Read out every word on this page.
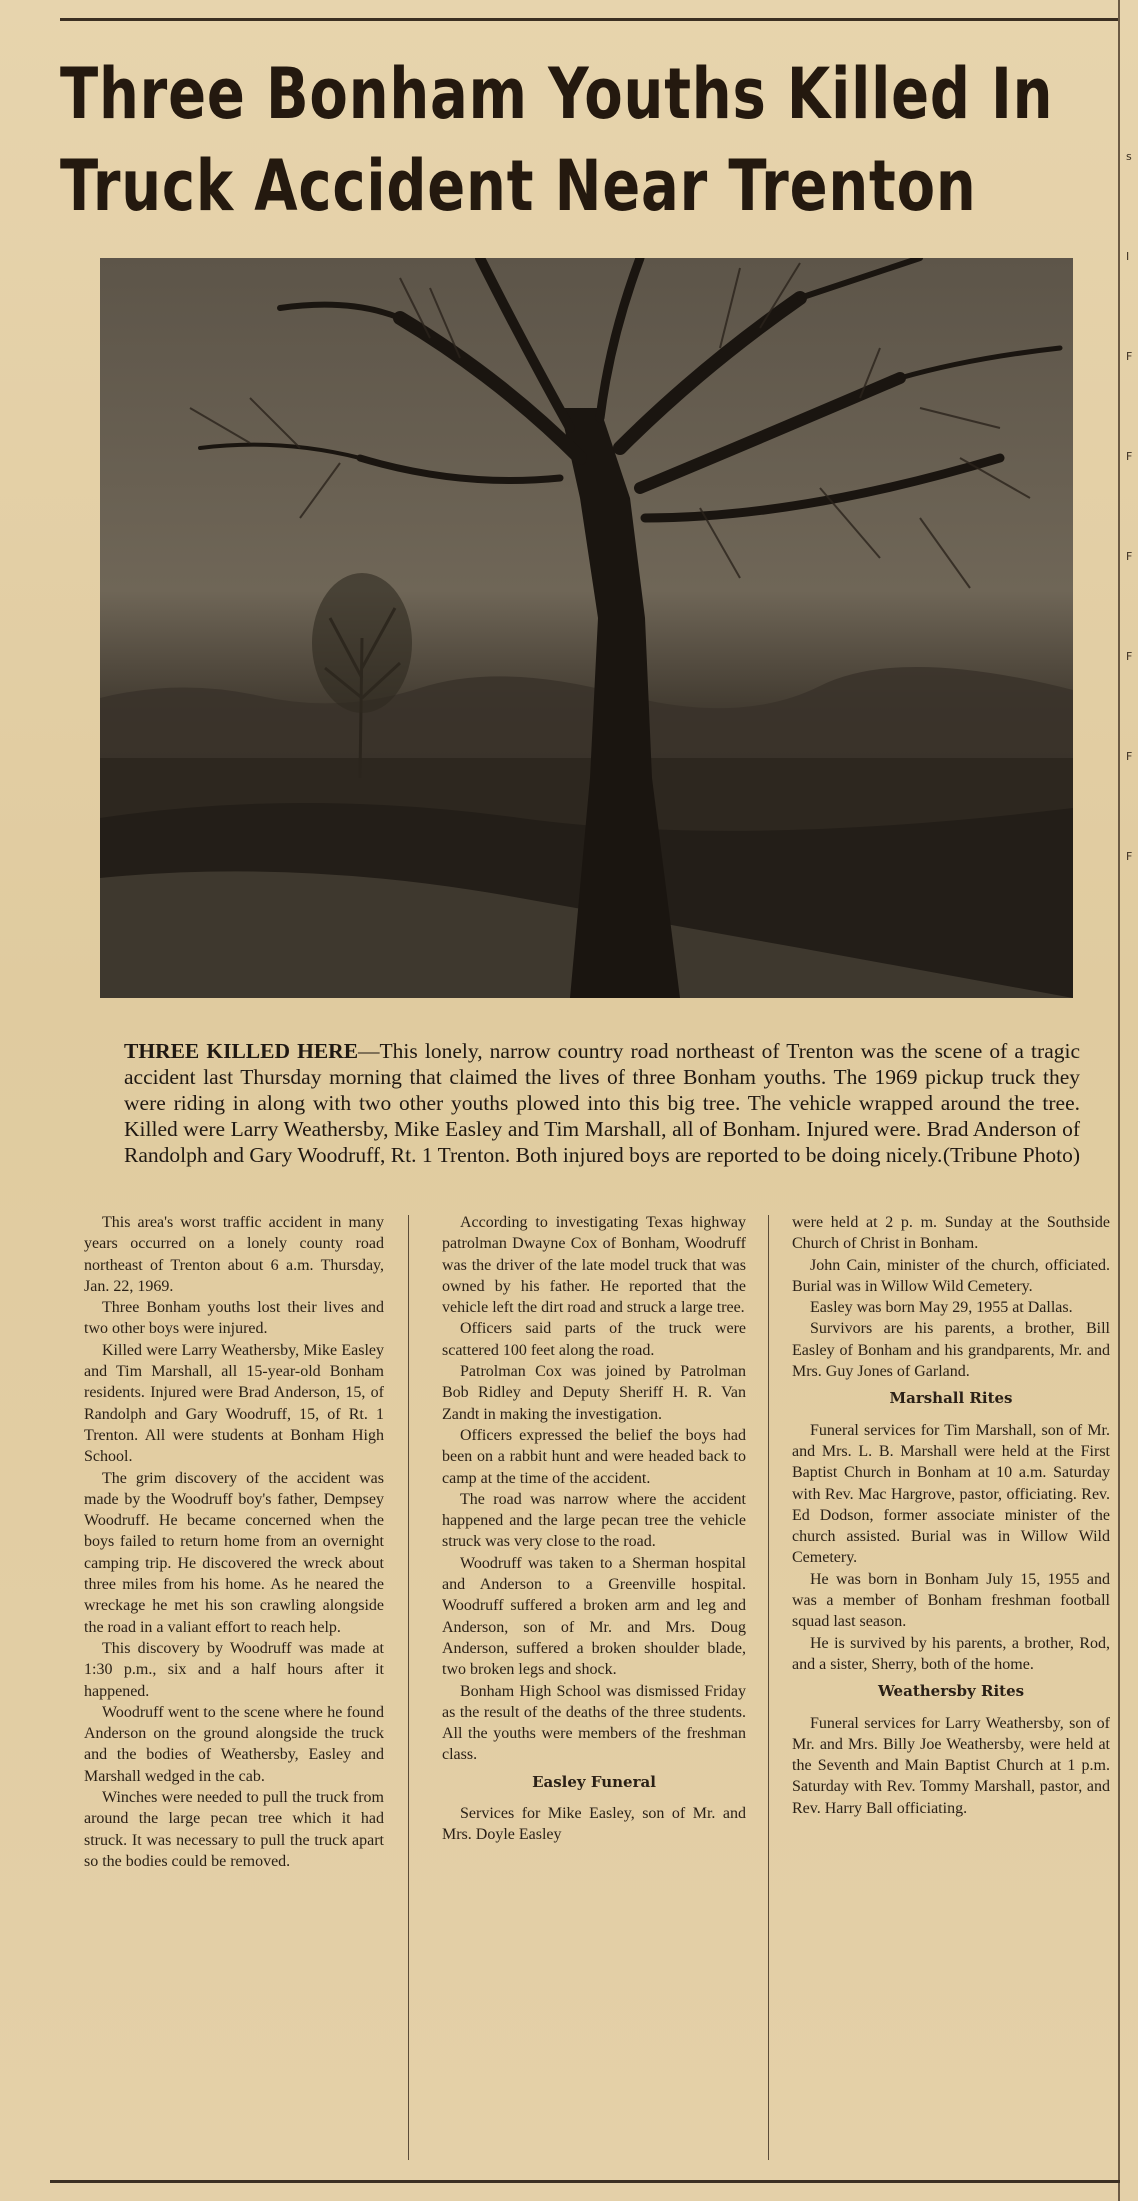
s
I
F
F
F
F
F
F
Three Bonham Youths Killed In
Truck Accident Near Trenton
THREE KILLED HERE—This lonely, narrow country road northeast of Trenton was the scene of a tragic accident last Thursday morning that claimed the lives of three Bonham youths. The 1969 pickup truck they were riding in along with two other youths plowed into this big tree. The vehicle wrapped around the tree. Killed were Larry Weathersby, Mike Easley and Tim Marshall, all of Bonham. Injured were. Brad Anderson of Randolph and Gary Woodruff, Rt. 1 Trenton. Both injured boys are reported to be doing nicely. (Tribune Photo)

This area's worst traffic accident in many years occurred on a lonely county road northeast of Trenton about 6 a.m. Thursday, Jan. 22, 1969.

Three Bonham youths lost their lives and two other boys were injured.

Killed were Larry Weathersby, Mike Easley and Tim Marshall, all 15-year-old Bonham residents. Injured were Brad Anderson, 15, of Randolph and Gary Woodruff, 15, of Rt. 1 Trenton. All were students at Bonham High School.

The grim discovery of the accident was made by the Woodruff boy's father, Dempsey Woodruff. He became concerned when the boys failed to return home from an overnight camping trip. He discovered the wreck about three miles from his home. As he neared the wreckage he met his son crawling alongside the road in a valiant effort to reach help.

This discovery by Woodruff was made at 1:30 p.m., six and a half hours after it happened.

Woodruff went to the scene where he found Anderson on the ground alongside the truck and the bodies of Weathersby, Easley and Marshall wedged in the cab.

Winches were needed to pull the truck from around the large pecan tree which it had struck. It was necessary to pull the truck apart so the bodies could be removed.

According to investigating Texas highway patrolman Dwayne Cox of Bonham, Woodruff was the driver of the late model truck that was owned by his father. He reported that the vehicle left the dirt road and struck a large tree.

Officers said parts of the truck were scattered 100 feet along the road.

Patrolman Cox was joined by Patrolman Bob Ridley and Deputy Sheriff H. R. Van Zandt in making the investigation.

Officers expressed the belief the boys had been on a rabbit hunt and were headed back to camp at the time of the accident.

The road was narrow where the accident happened and the large pecan tree the vehicle struck was very close to the road.

Woodruff was taken to a Sherman hospital and Anderson to a Greenville hospital. Woodruff suffered a broken arm and leg and Anderson, son of Mr. and Mrs. Doug Anderson, suffered a broken shoulder blade, two broken legs and shock.

Bonham High School was dismissed Friday as the result of the deaths of the three students. All the youths were members of the freshman class.

Easley Funeral

Services for Mike Easley, son of Mr. and Mrs. Doyle Easley

were held at 2 p. m. Sunday at the Southside Church of Christ in Bonham.

John Cain, minister of the church, officiated. Burial was in Willow Wild Cemetery.

Easley was born May 29, 1955 at Dallas.

Survivors are his parents, a brother, Bill Easley of Bonham and his grandparents, Mr. and Mrs. Guy Jones of Garland.

Marshall Rites

Funeral services for Tim Marshall, son of Mr. and Mrs. L. B. Marshall were held at the First Baptist Church in Bonham at 10 a.m. Saturday with Rev. Mac Hargrove, pastor, officiating. Rev. Ed Dodson, former associate minister of the church assisted. Burial was in Willow Wild Cemetery.

He was born in Bonham July 15, 1955 and was a member of Bonham freshman football squad last season.

He is survived by his parents, a brother, Rod, and a sister, Sherry, both of the home.

Weathersby Rites

Funeral services for Larry Weathersby, son of Mr. and Mrs. Billy Joe Weathersby, were held at the Seventh and Main Baptist Church at 1 p.m. Saturday with Rev. Tommy Marshall, pastor, and Rev. Harry Ball officiating.
